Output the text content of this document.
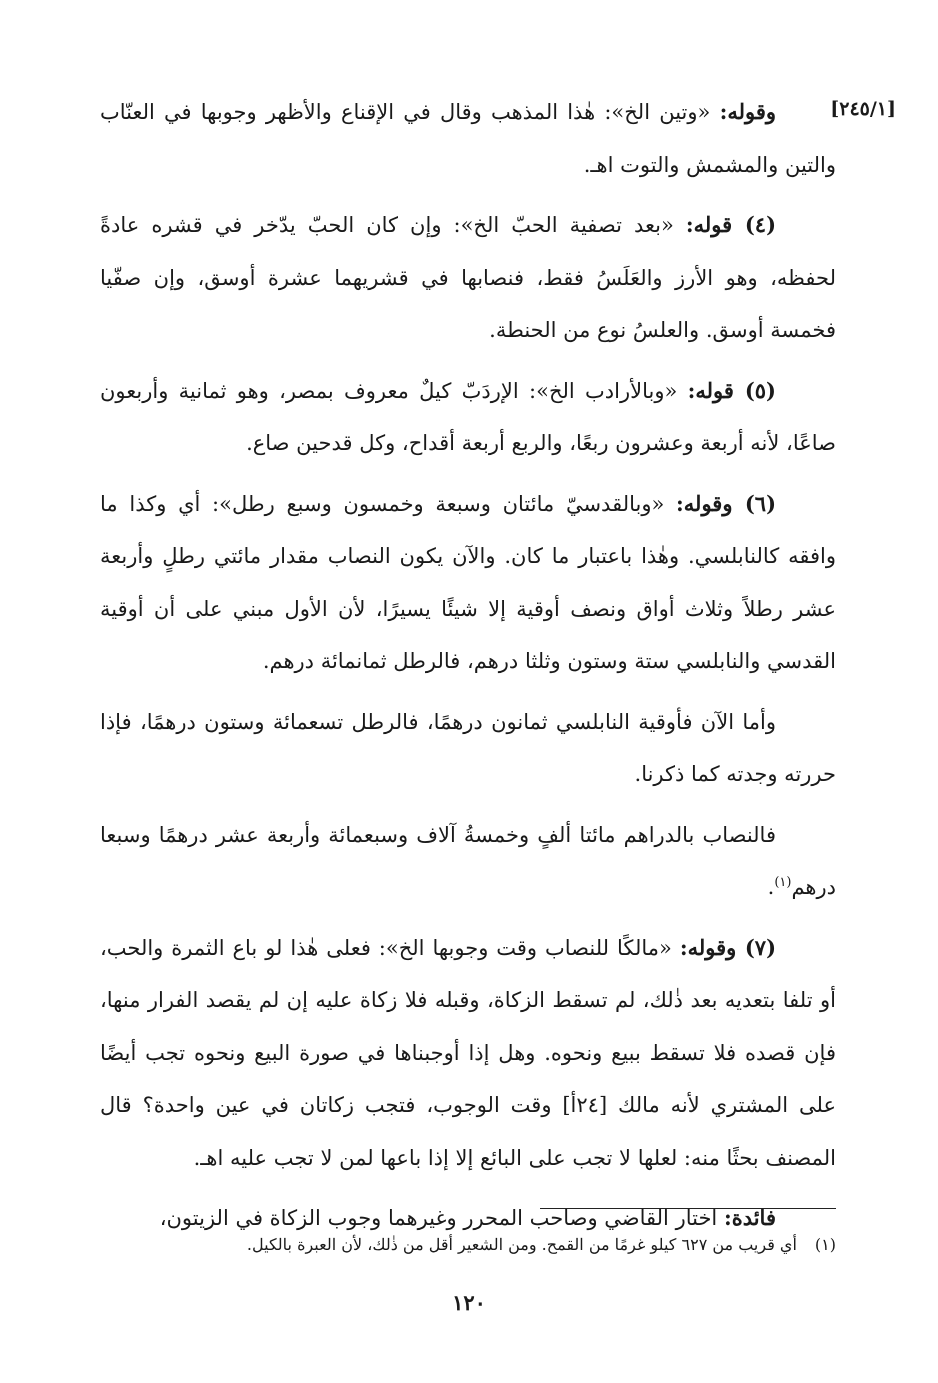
[٢٤٥/١]

وقوله: «وتين الخ»: هٰذا المذهب وقال في الإقناع والأظهر وجوبها في العنّاب والتين والمشمش والتوت اهـ.

(٤) قوله: «بعد تصفية الحبّ الخ»: وإن كان الحبّ يدّخر في قشره عادةً لحفظه، وهو الأرز والعَلَسُ فقط، فنصابها في قشريهما عشرة أوسق، وإن صفّيا فخمسة أوسق. والعلسُ نوع من الحنطة.

(٥) قوله: «وبالأرادب الخ»: الإردَبّ كيلٌ معروف بمصر، وهو ثمانية وأربعون صاعًا، لأنه أربعة وعشرون ربعًا، والربع أربعة أقداح، وكل قدحين صاع.

(٦) وقوله: «وبالقدسيّ مائتان وسبعة وخمسون وسبع رطل»: أي وكذا ما وافقه كالنابلسي. وهٰذا باعتبار ما كان. والآن يكون النصاب مقدار مائتي رطلٍ وأربعة عشر رطلاً وثلاث أواق ونصف أوقية إلا شيئًا يسيرًا، لأن الأول مبني على أن أوقية القدسي والنابلسي ستة وستون وثلثا درهم، فالرطل ثمانمائة درهم.

وأما الآن فأوقية النابلسي ثمانون درهمًا، فالرطل تسعمائة وستون درهمًا، فإذا حررته وجدته كما ذكرنا.

فالنصاب بالدراهم مائتا ألفٍ وخمسةُ آلاف وسبعمائة وأربعة عشر درهمًا وسبعا درهم$^{(١)}$.

(٧) وقوله: «مالكًا للنصاب وقت وجوبها الخ»: فعلى هٰذا لو باع الثمرة والحب، أو تلفا بتعديه بعد ذٰلك، لم تسقط الزكاة، وقبله فلا زكاة عليه إن لم يقصد الفرار منها، فإن قصده فلا تسقط ببيع ونحوه. وهل إذا أوجبناها في صورة البيع ونحوه تجب أيضًا على المشتري لأنه مالك [٢٤أ] وقت الوجوب، فتجب زكاتان في عين واحدة؟ قال المصنف بحثًا منه: لعلها لا تجب على البائع إلا إذا باعها لمن لا تجب عليه اهـ.

فائدة: اختار القاضي وصاحب المحرر وغيرهما وجوب الزكاة في الزيتون،

(١)أي قريب من ٦٢٧ كيلو غرمًا من القمح. ومن الشعير أقل من ذٰلك، لأن العبرة بالكيل.
١٢٠
